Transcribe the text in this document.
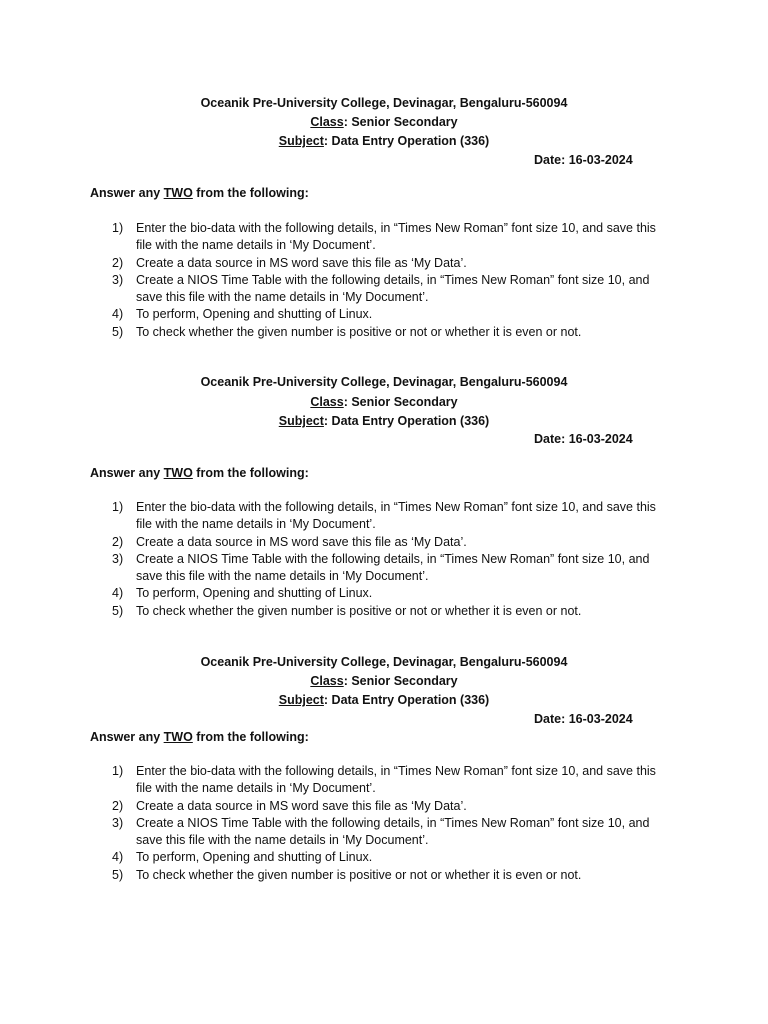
Oceanik Pre-University College, Devinagar, Bengaluru-560094
Class: Senior Secondary
Subject: Data Entry Operation (336)
Date: 16-03-2024
Answer any TWO from the following:
1) Enter the bio-data with the following details, in “Times New Roman” font size 10, and save this file with the name details in ‘My Document’.
2) Create a data source in MS word save this file as ‘My Data’.
3) Create a NIOS Time Table with the following details, in “Times New Roman” font size 10, and save this file with the name details in ‘My Document’.
4) To perform, Opening and shutting of Linux.
5) To check whether the given number is positive or not or whether it is even or not.
Oceanik Pre-University College, Devinagar, Bengaluru-560094
Class: Senior Secondary
Subject: Data Entry Operation (336)
Date: 16-03-2024
Answer any TWO from the following:
1) Enter the bio-data with the following details, in “Times New Roman” font size 10, and save this file with the name details in ‘My Document’.
2) Create a data source in MS word save this file as ‘My Data’.
3) Create a NIOS Time Table with the following details, in “Times New Roman” font size 10, and save this file with the name details in ‘My Document’.
4) To perform, Opening and shutting of Linux.
5) To check whether the given number is positive or not or whether it is even or not.
Oceanik Pre-University College, Devinagar, Bengaluru-560094
Class: Senior Secondary
Subject: Data Entry Operation (336)
Date: 16-03-2024
Answer any TWO from the following:
1) Enter the bio-data with the following details, in “Times New Roman” font size 10, and save this file with the name details in ‘My Document’.
2) Create a data source in MS word save this file as ‘My Data’.
3) Create a NIOS Time Table with the following details, in “Times New Roman” font size 10, and save this file with the name details in ‘My Document’.
4) To perform, Opening and shutting of Linux.
5) To check whether the given number is positive or not or whether it is even or not.
